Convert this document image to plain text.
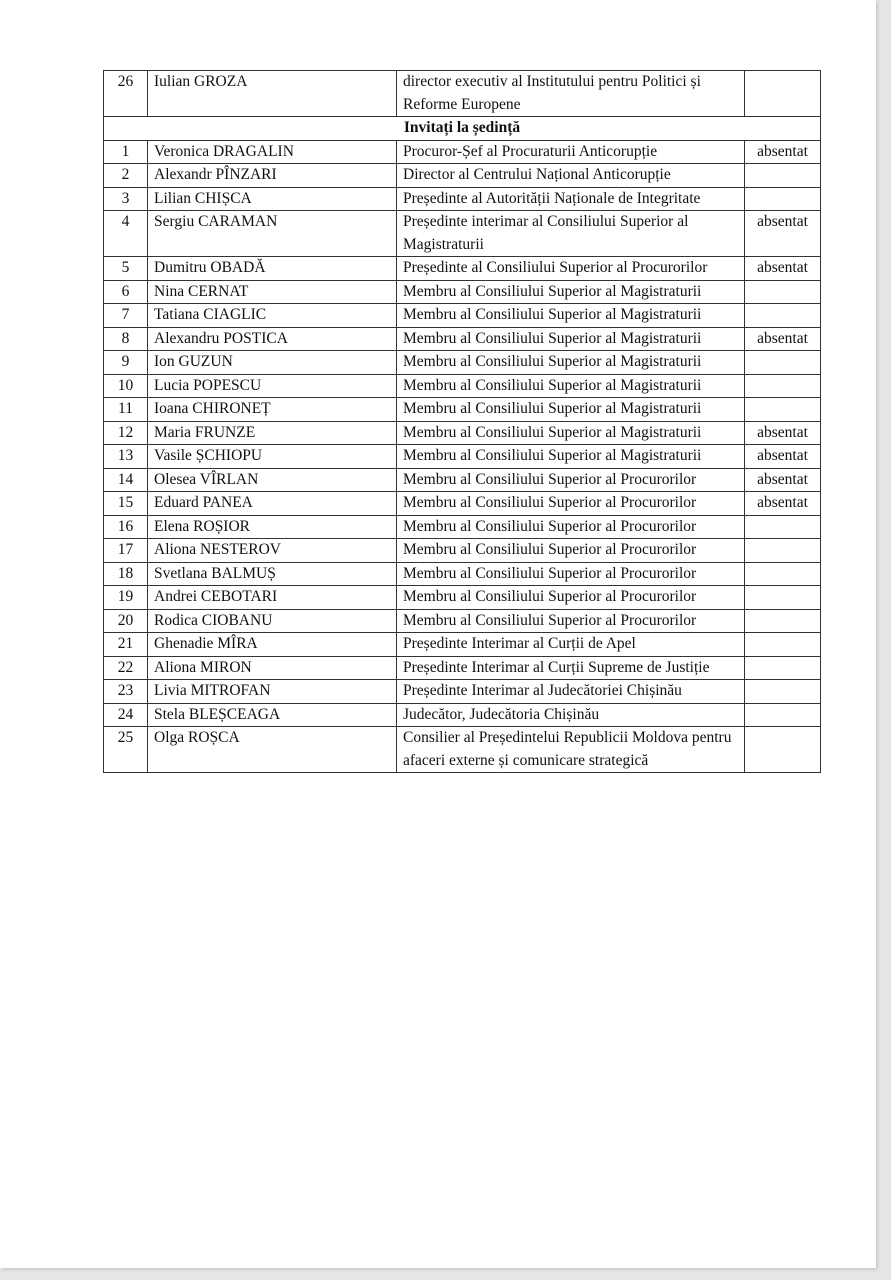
26	Iulian GROZA	director executiv al Institutului pentru Politici și Reforme Europene	
Invitați la ședință			
1	Veronica DRAGALIN	Procuror-Șef al Procuraturii Anticorupție	absentat
2	Alexandr PÎNZARI	Director al Centrului Național Anticorupție	
3	Lilian CHIȘCA	Președinte al Autorității Naționale de Integritate	
4	Sergiu CARAMAN	Președinte interimar al Consiliului Superior al Magistraturii	absentat
5	Dumitru OBADĂ	Președinte al Consiliului Superior al Procurorilor	absentat
6	Nina CERNAT	Membru al Consiliului Superior al Magistraturii	
7	Tatiana CIAGLIC	Membru al Consiliului Superior al Magistraturii	
8	Alexandru POSTICA	Membru al Consiliului Superior al Magistraturii	absentat
9	Ion GUZUN	Membru al Consiliului Superior al Magistraturii	
10	Lucia POPESCU	Membru al Consiliului Superior al Magistraturii	
11	Ioana CHIRONEȚ	Membru al Consiliului Superior al Magistraturii	
12	Maria FRUNZE	Membru al Consiliului Superior al Magistraturii	absentat
13	Vasile ȘCHIOPU	Membru al Consiliului Superior al Magistraturii	absentat
14	Olesea VÎRLAN	Membru al Consiliului Superior al Procurorilor	absentat
15	Eduard PANEA	Membru al Consiliului Superior al Procurorilor	absentat
16	Elena ROȘIOR	Membru al Consiliului Superior al Procurorilor	
17	Aliona NESTEROV	Membru al Consiliului Superior al Procurorilor	
18	Svetlana BALMUȘ	Membru al Consiliului Superior al Procurorilor	
19	Andrei CEBOTARI	Membru al Consiliului Superior al Procurorilor	
20	Rodica CIOBANU	Membru al Consiliului Superior al Procurorilor	
21	Ghenadie MÎRA	Președinte Interimar al Curții de Apel	
22	Aliona MIRON	Președinte Interimar al Curții Supreme de Justiție	
23	Livia MITROFAN	Președinte Interimar al Judecătoriei Chișinău	
24	Stela BLEȘCEAGA	Judecător, Judecătoria Chișinău	
25	Olga ROȘCA	Consilier al Președintelui Republicii Moldova pentru afaceri externe și comunicare strategică	
